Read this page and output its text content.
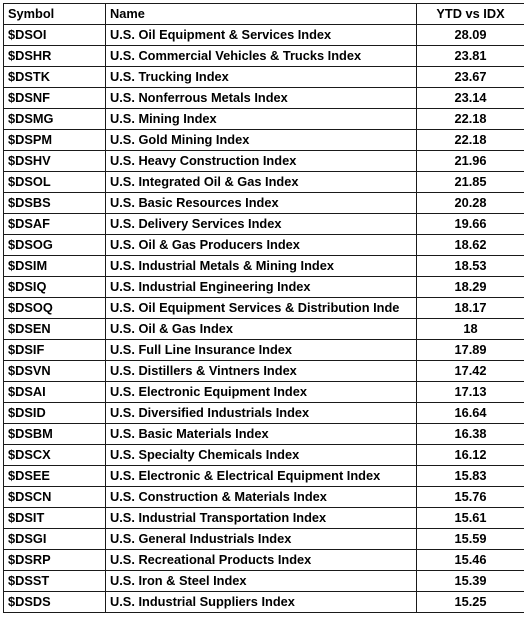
Symbol	Name	YTD vs IDX
$DSOI	U.S. Oil Equipment & Services Index	28.09
$DSHR	U.S. Commercial Vehicles & Trucks Index	23.81
$DSTK	U.S. Trucking Index	23.67
$DSNF	U.S. Nonferrous Metals Index	23.14
$DSMG	U.S. Mining Index	22.18
$DSPM	U.S. Gold Mining Index	22.18
$DSHV	U.S. Heavy Construction Index	21.96
$DSOL	U.S. Integrated Oil & Gas Index	21.85
$DSBS	U.S. Basic Resources Index	20.28
$DSAF	U.S. Delivery Services Index	19.66
$DSOG	U.S. Oil & Gas Producers Index	18.62
$DSIM	U.S. Industrial Metals & Mining Index	18.53
$DSIQ	U.S. Industrial Engineering Index	18.29
$DSOQ	U.S. Oil Equipment Services & Distribution Inde	18.17
$DSEN	U.S. Oil & Gas Index	18
$DSIF	U.S. Full Line Insurance Index	17.89
$DSVN	U.S. Distillers & Vintners Index	17.42
$DSAI	U.S. Electronic Equipment Index	17.13
$DSID	U.S. Diversified Industrials Index	16.64
$DSBM	U.S. Basic Materials Index	16.38
$DSCX	U.S. Specialty Chemicals Index	16.12
$DSEE	U.S. Electronic & Electrical Equipment Index	15.83
$DSCN	U.S. Construction & Materials Index	15.76
$DSIT	U.S. Industrial Transportation Index	15.61
$DSGI	U.S. General Industrials Index	15.59
$DSRP	U.S. Recreational Products Index	15.46
$DSST	U.S. Iron & Steel Index	15.39
$DSDS	U.S. Industrial Suppliers Index	15.25
